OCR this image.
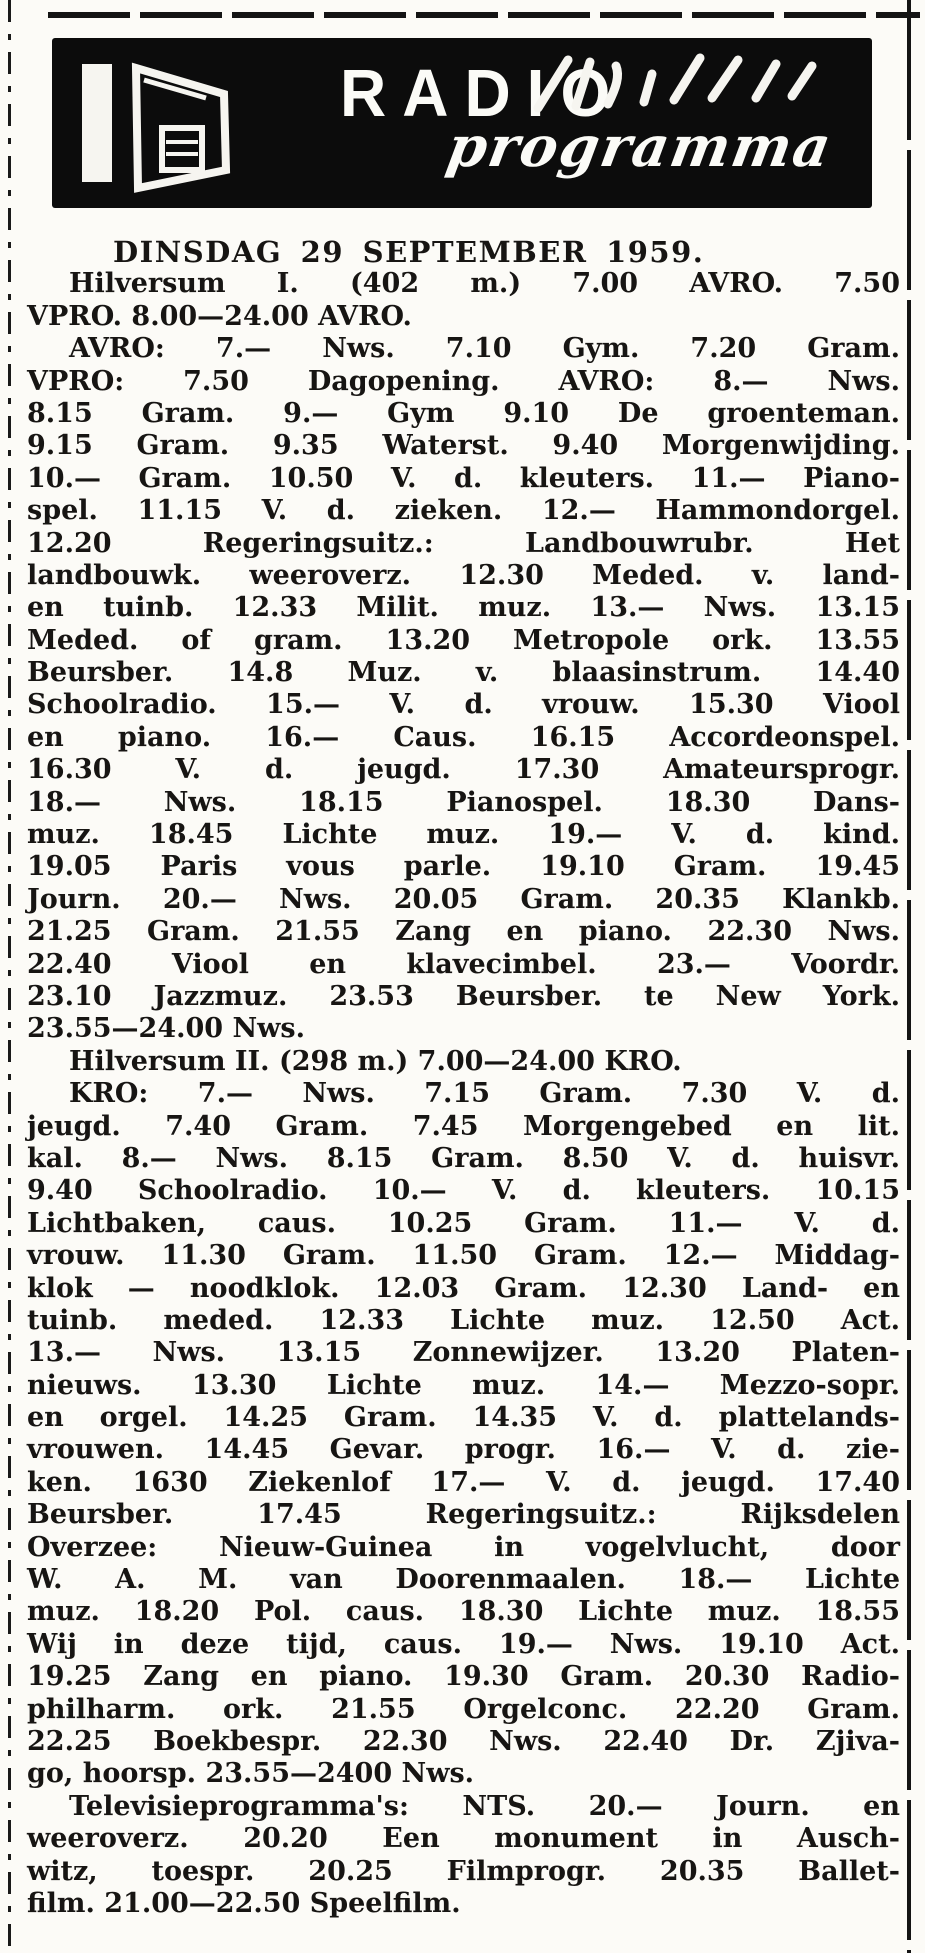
RADIO
programma
DINSDAG 29 SEPTEMBER 1959.
Hilversum I. (402 m.) 7.00 AVRO. 7.50
VPRO. 8.00—24.00 AVRO.
AVRO: 7.— Nws. 7.10 Gym. 7.20 Gram.
VPRO: 7.50 Dagopening. AVRO: 8.— Nws.
8.15 Gram. 9.— Gym 9.10 De groenteman.
9.15 Gram. 9.35 Waterst. 9.40 Morgenwijding.
10.— Gram. 10.50 V. d. kleuters. 11.— Piano-
spel. 11.15 V. d. zieken. 12.— Hammondorgel.
12.20 Regeringsuitz.: Landbouwrubr. Het
landbouwk. weeroverz. 12.30 Meded. v. land-
en tuinb. 12.33 Milit. muz. 13.— Nws. 13.15
Meded. of gram. 13.20 Metropole ork. 13.55
Beursber. 14.8 Muz. v. blaasinstrum. 14.40
Schoolradio. 15.— V. d. vrouw. 15.30 Viool
en piano. 16.— Caus. 16.15 Accordeonspel.
16.30 V. d. jeugd. 17.30 Amateursprogr.
18.— Nws. 18.15 Pianospel. 18.30 Dans-
muz. 18.45 Lichte muz. 19.— V. d. kind.
19.05 Paris vous parle. 19.10 Gram. 19.45
Journ. 20.— Nws. 20.05 Gram. 20.35 Klankb.
21.25 Gram. 21.55 Zang en piano. 22.30 Nws.
22.40 Viool en klavecimbel. 23.— Voordr.
23.10 Jazzmuz. 23.53 Beursber. te New York.
23.55—24.00 Nws.
Hilversum II. (298 m.) 7.00—24.00 KRO.
KRO: 7.— Nws. 7.15 Gram. 7.30 V. d.
jeugd. 7.40 Gram. 7.45 Morgengebed en lit.
kal. 8.— Nws. 8.15 Gram. 8.50 V. d. huisvr.
9.40 Schoolradio. 10.— V. d. kleuters. 10.15
Lichtbaken, caus. 10.25 Gram. 11.— V. d.
vrouw. 11.30 Gram. 11.50 Gram. 12.— Middag-
klok — noodklok. 12.03 Gram. 12.30 Land- en
tuinb. meded. 12.33 Lichte muz. 12.50 Act.
13.— Nws. 13.15 Zonnewijzer. 13.20 Platen-
nieuws. 13.30 Lichte muz. 14.— Mezzo-sopr.
en orgel. 14.25 Gram. 14.35 V. d. plattelands-
vrouwen. 14.45 Gevar. progr. 16.— V. d. zie-
ken. 1630 Ziekenlof 17.— V. d. jeugd. 17.40
Beursber. 17.45 Regeringsuitz.: Rijksdelen
Overzee: Nieuw-Guinea in vogelvlucht, door
W. A. M. van Doorenmaalen. 18.— Lichte
muz. 18.20 Pol. caus. 18.30 Lichte muz. 18.55
Wij in deze tijd, caus. 19.— Nws. 19.10 Act.
19.25 Zang en piano. 19.30 Gram. 20.30 Radio-
philharm. ork. 21.55 Orgelconc. 22.20 Gram.
22.25 Boekbespr. 22.30 Nws. 22.40 Dr. Zjiva-
go, hoorsp. 23.55—2400 Nws.
Televisieprogramma's: NTS. 20.— Journ. en
weeroverz. 20.20 Een monument in Ausch-
witz, toespr. 20.25 Filmprogr. 20.35 Ballet-
film. 21.00—22.50 Speelfilm.
